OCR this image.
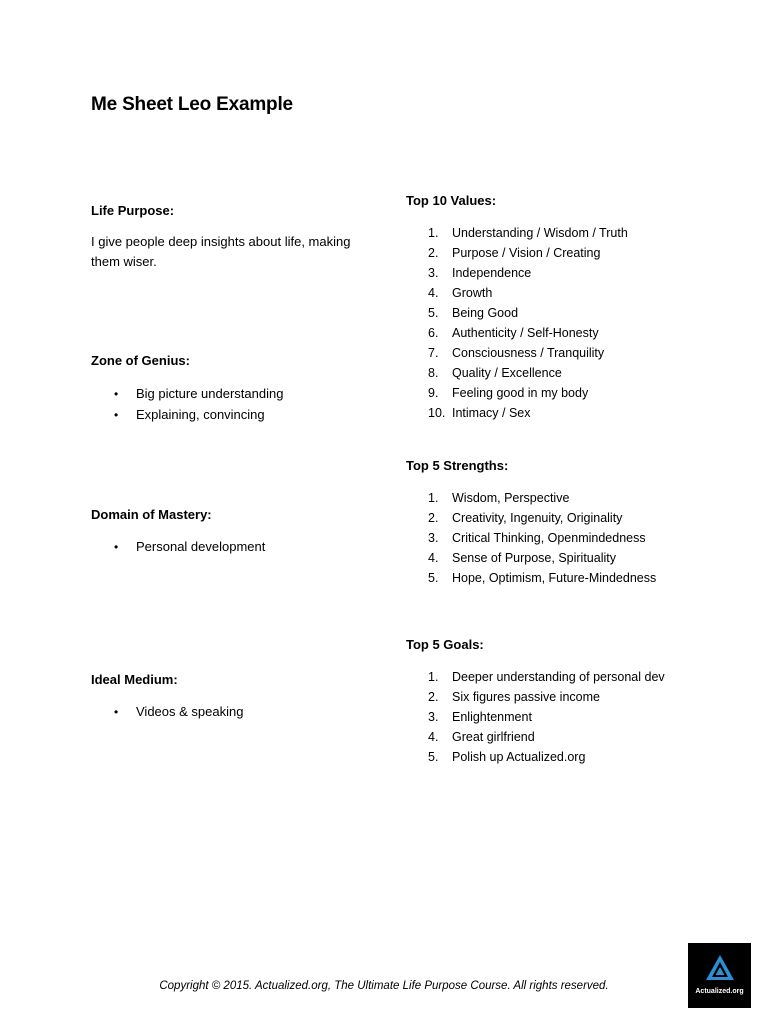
Me Sheet Leo Example
Life Purpose:
I give people deep insights about life, making
them wiser.
Zone of Genius:
• Big picture understanding
• Explaining, convincing
Domain of Mastery:
• Personal development
Ideal Medium:
• Videos & speaking
Top 10 Values:
1. Understanding / Wisdom / Truth
2. Purpose / Vision / Creating
3. Independence
4. Growth
5. Being Good
6. Authenticity / Self-Honesty
7. Consciousness / Tranquility
8. Quality / Excellence
9. Feeling good in my body
10. Intimacy / Sex
Top 5 Strengths:
1. Wisdom, Perspective
2. Creativity, Ingenuity, Originality
3. Critical Thinking, Openmindedness
4. Sense of Purpose, Spirituality
5. Hope, Optimism, Future-Mindedness
Top 5 Goals:
1. Deeper understanding of personal dev
2. Six figures passive income
3. Enlightenment
4. Great girlfriend
5. Polish up Actualized.org
Copyright © 2015. Actualized.org, The Ultimate Life Purpose Course. All rights reserved.	Actualized.org
